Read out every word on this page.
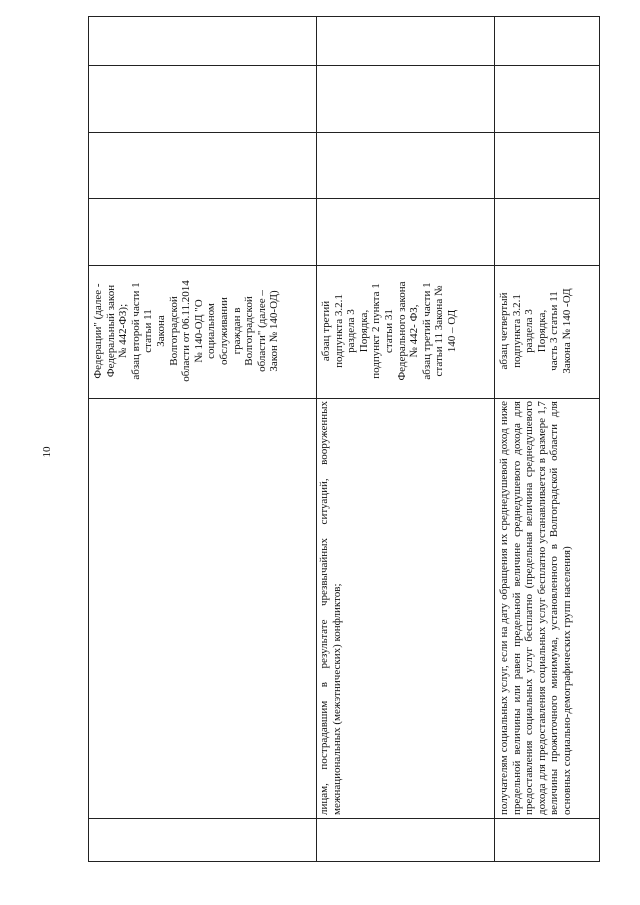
10
Федерации" (далее - Федеральный закон № 442-ФЗ); абзац второй части 1 статьи 11 Закона Волгоградской области от 06.11.2014 № 140-ОД "О социальном обслуживании граждан в Волгоградской области" (далее – Закон № 140-ОД)
лицам, пострадавшим в результате чрезвычайных ситуаций, вооруженных межнациональных (межэтнических) конфликтов;
абзац третий подпункта 3.2.1 раздела 3 Порядка, подпункт 2 пункта 1 статьи 31 Федерального закона № 442- ФЗ, абзац третий части 1 статьи 11 Закона № 140 – ОД	абзац четвертый подпункта 3.2.1 раздела 3 Порядка, часть 3 статьи 11 Закона № 140 -ОД
получателям социальных услуг, если на дату обращения их среднедушевой доход ниже предельной величины или равен предельной величине среднедушевого дохода для предоставления социальных услуг бесплатно (предельная величина среднедушевого дохода для предоставления социальных услуг бесплатно устанавливается в размере 1,7 величины прожиточного минимума, установленного в Волгоградской области для основных социально-демографических групп населения)
